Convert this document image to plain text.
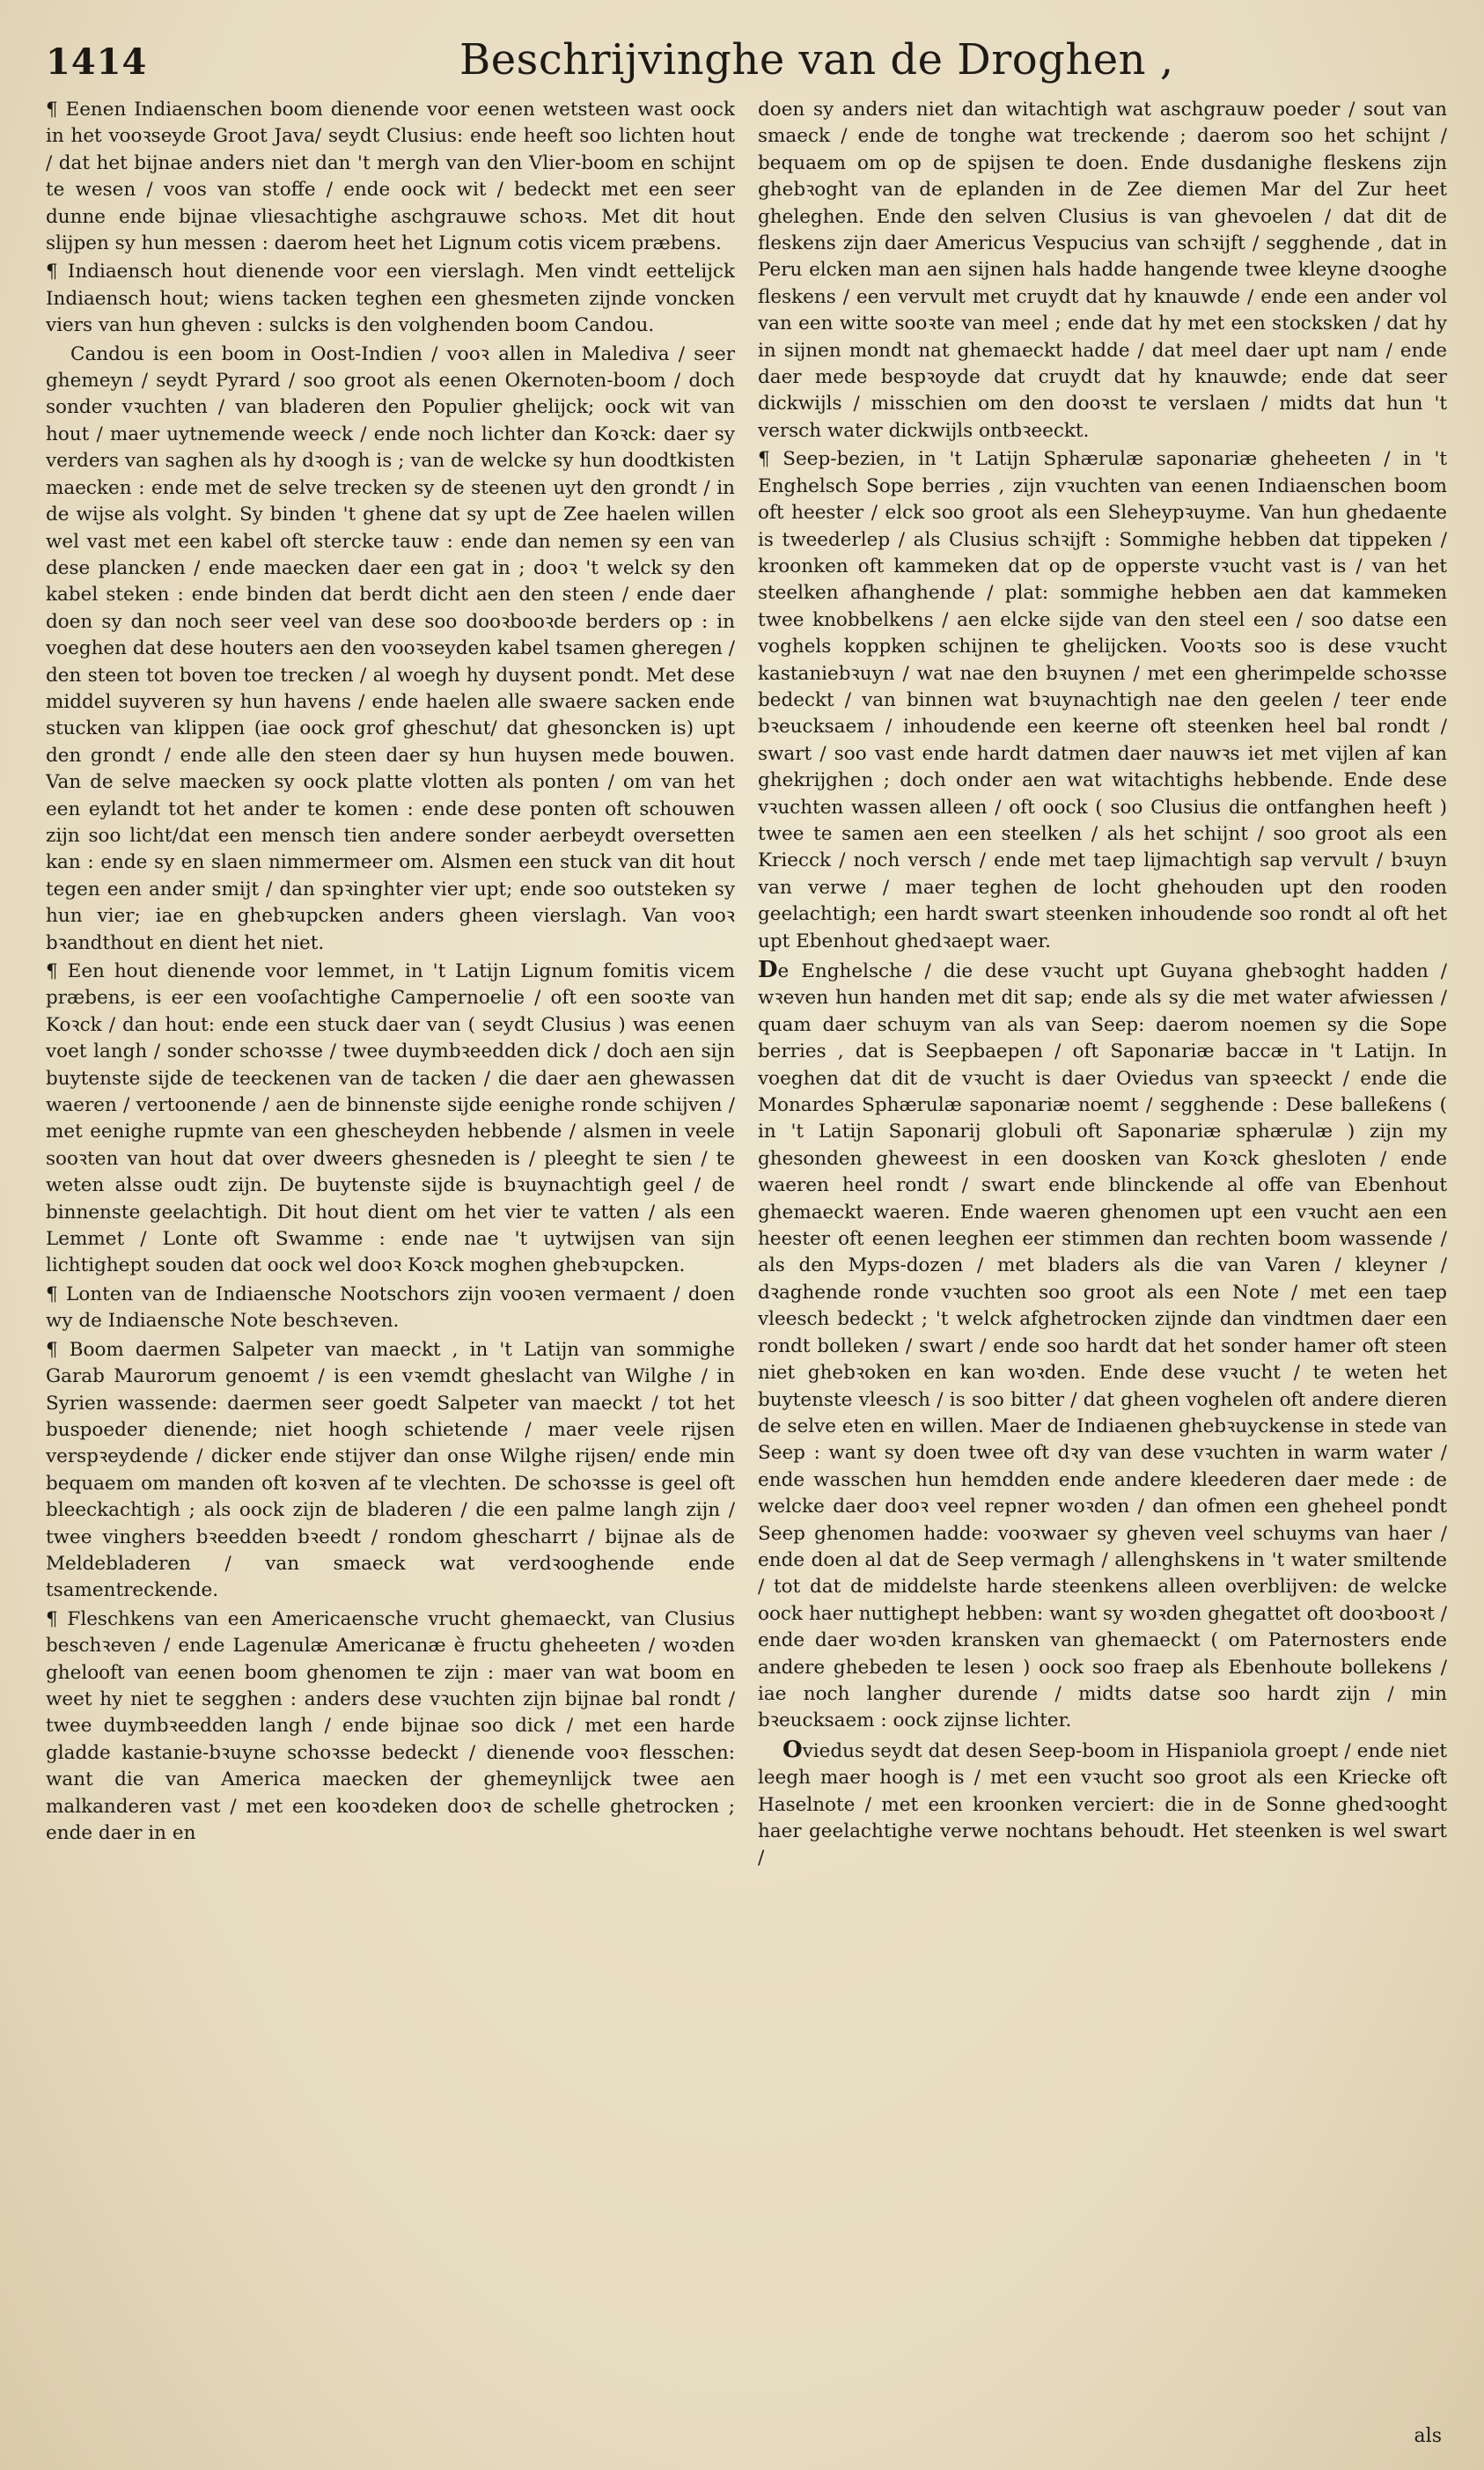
1414	Beschrijvinghe van de Droghen ,

¶ Eenen Indiaenschen boom dienende voor eenen wetsteen wast oock in het vooꝛseyde Groot Java/ seydt Clusius: ende heeft soo lichten hout / dat het bijnae anders niet dan 't mergh van den Vlier-boom en schijnt te wesen / voos van stoffe / ende oock wit / bedeckt met een seer dunne ende bijnae vliesachtighe aschgrauwe schoꝛs. Met dit hout slijpen sy hun messen : daerom heet het Lignum cotis vicem præbens.

¶ Indiaensch hout dienende voor een vierslagh. Men vindt eettelijck Indiaensch hout; wiens tacken teghen een ghesmeten zijnde voncken viers van hun gheven : sulcks is den volghenden boom Candou.

Candou is een boom in Oost-Indien / vooꝛ allen in Malediva / seer ghemeyn / seydt Pyrard / soo groot als eenen Okernoten-boom / doch sonder vꝛuchten / van bladeren den Populier ghelijck; oock wit van hout / maer uytnemende weeck / ende noch lichter dan Koꝛck: daer sy verders van saghen als hy dꝛoogh is ; van de welcke sy hun doodtkisten maecken : ende met de selve trecken sy de steenen uyt den grondt / in de wijse als volght. Sy binden 't ghene dat sy upt de Zee haelen willen wel vast met een kabel oft stercke tauw : ende dan nemen sy een van dese plancken / ende maecken daer een gat in ; dooꝛ 't welck sy den kabel steken : ende binden dat berdt dicht aen den steen / ende daer doen sy dan noch seer veel van dese soo dooꝛbooꝛde berders op : in voeghen dat dese houters aen den vooꝛseyden kabel tsamen gheregen / den steen tot boven toe trecken / al woegh hy duysent pondt. Met dese middel suyveren sy hun havens / ende haelen alle swaere sacken ende stucken van klippen (iae oock grof gheschut/ dat ghesoncken is) upt den grondt / ende alle den steen daer sy hun huysen mede bouwen. Van de selve maecken sy oock platte vlotten als ponten / om van het een eylandt tot het ander te komen : ende dese ponten oft schouwen zijn soo licht/dat een mensch tien andere sonder aerbeydt oversetten kan : ende sy en slaen nimmermeer om. Alsmen een stuck van dit hout tegen een ander smijt / dan spꝛinghter vier upt; ende soo outsteken sy hun vier; iae en ghebꝛupcken anders gheen vierslagh. Van vooꝛ bꝛandthout en dient het niet.

¶ Een hout dienende voor lemmet, in 't Latijn Lignum fomitis vicem præbens, is eer een vooſachtighe Campernoelie / oft een sooꝛte van Koꝛck / dan hout: ende een stuck daer van ( seydt Clusius ) was eenen voet langh / sonder schoꝛsse / twee duymbꝛeedden dick / doch aen sijn buytenste sijde de teeckenen van de tacken / die daer aen ghewassen waeren / vertoonende / aen de binnenste sijde eenighe ronde schijven / met eenighe rupmte van een ghescheyden hebbende / alsmen in veele sooꝛten van hout dat over dweers ghesneden is / pleeght te sien / te weten alsse oudt zijn. De buytenste sijde is bꝛuynachtigh geel / de binnenste geelachtigh. Dit hout dient om het vier te vatten / als een Lemmet / Lonte oft Swamme : ende nae 't uytwijsen van sijn lichtighept souden dat oock wel dooꝛ Koꝛck moghen ghebꝛupcken.

¶ Lonten van de Indiaensche Nootschors zijn vooꝛen vermaent / doen wy de Indiaensche Note beschꝛeven.

¶ Boom daermen Salpeter van maeckt , in 't Latijn van sommighe Garab Maurorum genoemt / is een vꝛemdt gheslacht van Wilghe / in Syrien wassende: daermen seer goedt Salpeter van maeckt / tot het buspoeder dienende; niet hoogh schietende / maer veele rijsen verspꝛeydende / dicker ende stijver dan onse Wilghe rijsen/ ende min bequaem om manden oft koꝛven af te vlechten. De schoꝛsse is geel oft bleeckachtigh ; als oock zijn de bladeren / die een palme langh zijn / twee vinghers bꝛeedden bꝛeedt / rondom ghescharrt / bijnae als de Meldebladeren / van smaeck wat verdꝛooghende ende tsamentreckende.

¶ Fleschkens van een Americaensche vrucht ghemaeckt, van Clusius beschꝛeven / ende Lagenulæ Americanæ è fructu gheheeten / woꝛden ghelooft van eenen boom ghenomen te zijn : maer van wat boom en weet hy niet te segghen : anders dese vꝛuchten zijn bijnae bal rondt / twee duymbꝛeedden langh / ende bijnae soo dick / met een harde gladde kastanie-bꝛuyne schoꝛsse bedeckt / dienende vooꝛ flesschen: want die van America maecken der ghemeynlijck twee aen malkanderen vast / met een kooꝛdeken dooꝛ de schelle ghetrocken ; ende daer in en

doen sy anders niet dan witachtigh wat aschgrauw poeder / sout van smaeck / ende de tonghe wat treckende ; daerom soo het schijnt / bequaem om op de spijsen te doen. Ende dusdanighe fleskens zijn ghebꝛoght van de eplanden in de Zee diemen Mar del Zur heet gheleghen. Ende den selven Clusius is van ghevoelen / dat dit de fleskens zijn daer Americus Vespucius van schꝛijft / segghende , dat in Peru elcken man aen sijnen hals hadde hangende twee kleyne dꝛooghe fleskens / een vervult met cruydt dat hy knauwde / ende een ander vol van een witte sooꝛte van meel ; ende dat hy met een stocksken / dat hy in sijnen mondt nat ghemaeckt hadde / dat meel daer upt nam / ende daer mede bespꝛoyde dat cruydt dat hy knauwde; ende dat seer dickwijls / misschien om den dooꝛst te verslaen / midts dat hun 't versch water dickwijls ontbꝛeeckt.

¶ Seep-bezien, in 't Latijn Sphærulæ saponariæ gheheeten / in 't Enghelsch Sope berries , zijn vꝛuchten van eenen Indiaenschen boom oft heester / elck soo groot als een Sleheypꝛuyme. Van hun ghedaente is tweederlep / als Clusius schꝛijft : Sommighe hebben dat tippeken / kroonken oft kammeken dat op de opperste vꝛucht vast is / van het steelken afhanghende / plat: sommighe hebben aen dat kammeken twee knobbelkens / aen elcke sijde van den steel een / soo datse een voghels koppken schijnen te ghelijcken. Vooꝛts soo is dese vꝛucht kastaniebꝛuyn / wat nae den bꝛuynen / met een gherimpelde schoꝛsse bedeckt / van binnen wat bꝛuynachtigh nae den geelen / teer ende bꝛeucksaem / inhoudende een keerne oft steenken heel bal rondt / swart / soo vast ende hardt datmen daer nauwꝛs iet met vijlen af kan ghekrijghen ; doch onder aen wat witachtighs hebbende. Ende dese vꝛuchten wassen alleen / oft oock ( soo Clusius die ontfanghen heeft ) twee te samen aen een steelken / als het schijnt / soo groot als een Kriecck / noch versch / ende met taep lijmachtigh sap vervult / bꝛuyn van verwe / maer teghen de locht ghehouden upt den rooden geelachtigh; een hardt swart steenken inhoudende soo rondt al oft het upt Ebenhout ghedꝛaept waer.

De Enghelsche / die dese vꝛucht upt Guyana ghebꝛoght hadden / wꝛeven hun handen met dit sap; ende als sy die met water afwiessen / quam daer schuym van als van Seep: daerom noemen sy die Sope berries , dat is Seepbaepen / oft Saponariæ baccæ in 't Latijn. In voeghen dat dit de vꝛucht is daer Oviedus van spꝛeeckt / ende die Monardes Sphærulæ saponariæ noemt / segghende : Dese balleƙens ( in 't Latijn Saponarij globuli oft Saponariæ sphærulæ ) zijn my ghesonden gheweest in een doosken van Koꝛck ghesloten / ende waeren heel rondt / swart ende blinckende al offe van Ebenhout ghemaeckt waeren. Ende waeren ghenomen upt een vꝛucht aen een heester oft eenen leeghen eer stimmen dan rechten boom wassende / als den Myps-dozen / met bladers als die van Varen / kleyner / dꝛaghende ronde vꝛuchten soo groot als een Note / met een taep vleesch bedeckt ; 't welck afghetrocken zijnde dan vindtmen daer een rondt bolleken / swart / ende soo hardt dat het sonder hamer oft steen niet ghebꝛoken en kan woꝛden. Ende dese vꝛucht / te weten het buytenste vleesch / is soo bitter / dat gheen voghelen oft andere dieren de selve eten en willen. Maer de Indiaenen ghebꝛuyckense in stede van Seep : want sy doen twee oft dꝛy van dese vꝛuchten in warm water / ende wasschen hun hemdden ende andere kleederen daer mede : de welcke daer dooꝛ veel repner woꝛden / dan ofmen een gheheel pondt Seep ghenomen hadde: vooꝛwaer sy gheven veel schuyms van haer / ende doen al dat de Seep vermagh / allenghskens in 't water smiltende / tot dat de middelste harde steenkens alleen overblijven: de welcke oock haer nuttighept hebben: want sy woꝛden ghegattet oft dooꝛbooꝛt / ende daer woꝛden kransken van ghemaeckt ( om Paternosters ende andere ghebeden te lesen ) oock soo fraep als Ebenhoute bollekens / iae noch langher durende / midts datse soo hardt zijn / min bꝛeucksaem : oock zijnse lichter.

Oviedus seydt dat desen Seep-boom in Hispaniola groept / ende niet leegh maer hoogh is / met een vꝛucht soo groot als een Kriecke oft Haselnote / met een kroonken verciert: die in de Sonne ghedꝛooght haer geelachtighe verwe nochtans behoudt. Het steenken is wel swart /

als
